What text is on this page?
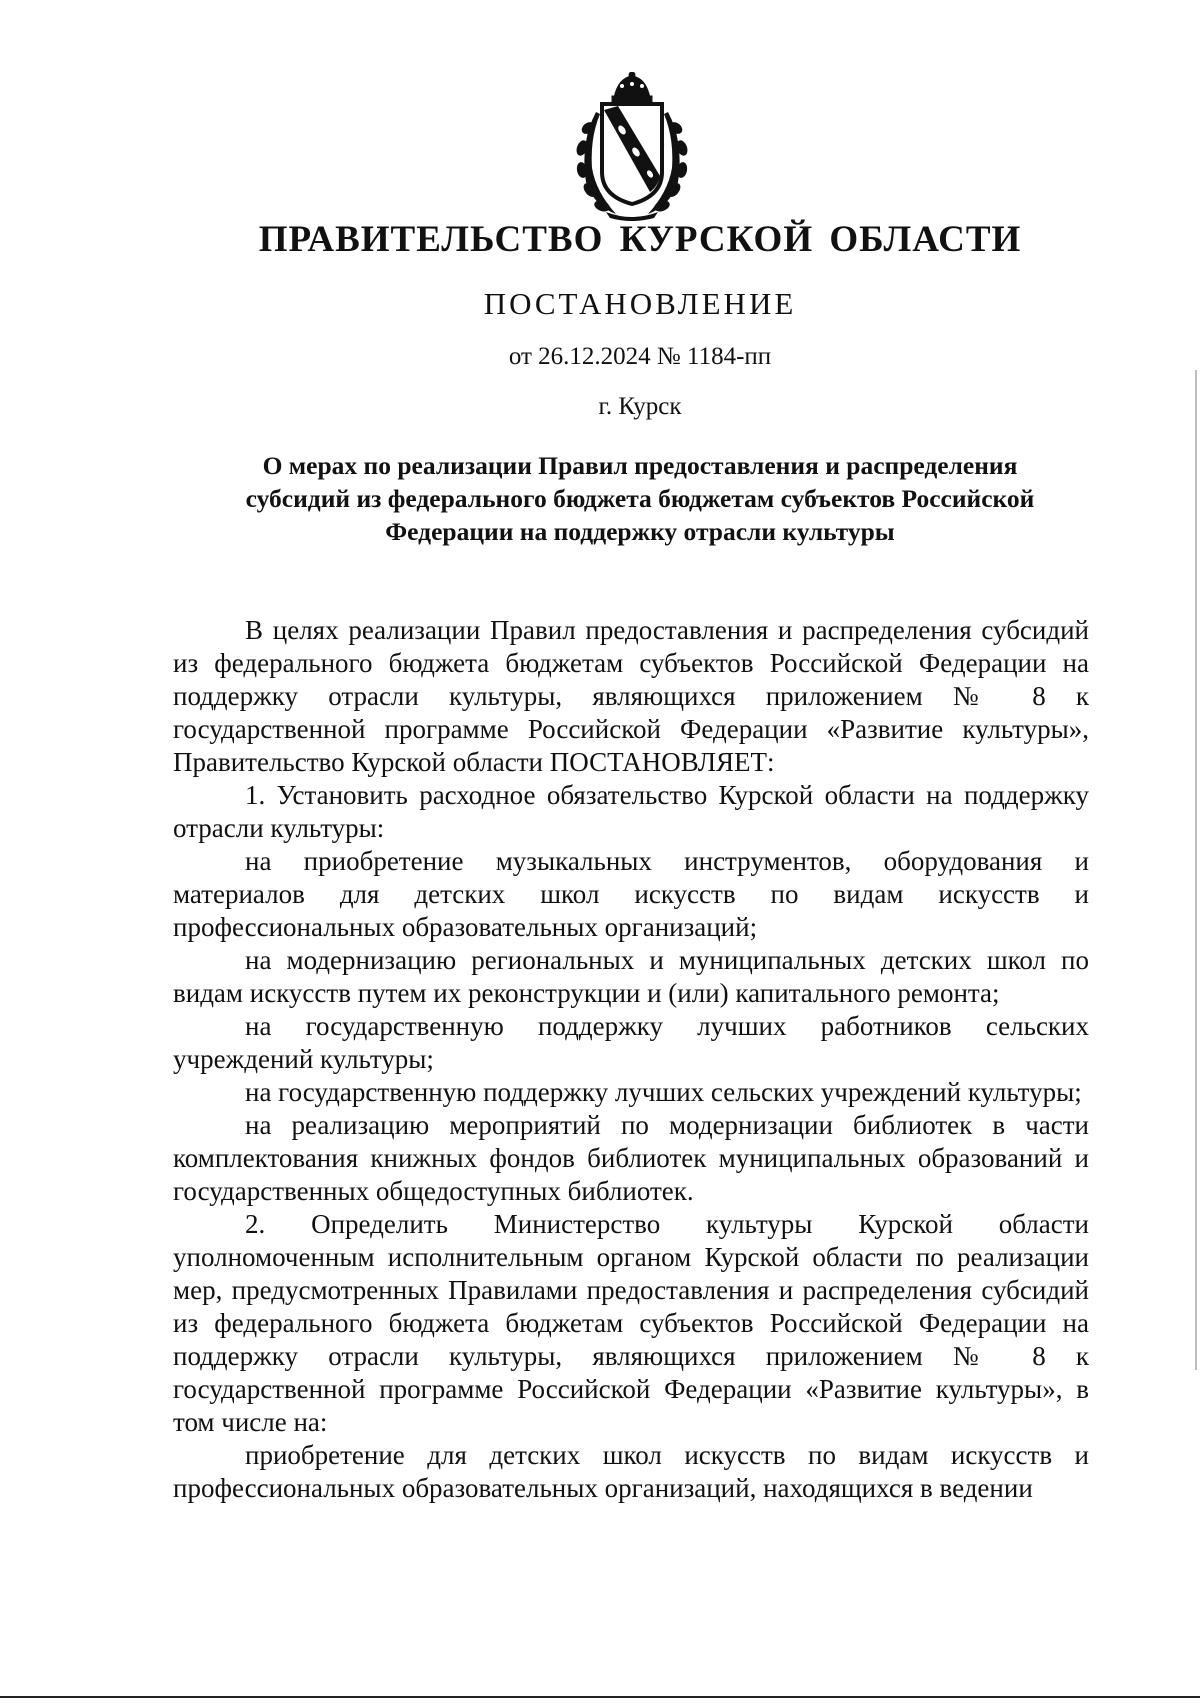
ПРАВИТЕЛЬСТВО КУРСКОЙ ОБЛАСТИ
ПОСТАНОВЛЕНИЕ
от 26.12.2024 № 1184-пп
г. Курск
О мерах по реализации Правил предоставления и распределения
субсидий из федерального бюджета бюджетам субъектов Российской
Федерации на поддержку отрасли культуры

В целях реализации Правил предоставления и распределения субсидий из федерального бюджета бюджетам субъектов Российской Федерации на поддержку отрасли культуры, являющихся приложением № 8 к государственной программе Российской Федерации «Развитие культуры», Правительство Курской области ПОСТАНОВЛЯЕТ:

1. Установить расходное обязательство Курской области на поддержку отрасли культуры:

на приобретение музыкальных инструментов, оборудования и материалов для детских школ искусств по видам искусств и профессиональных образовательных организаций;

на модернизацию региональных и муниципальных детских школ по видам искусств путем их реконструкции и (или) капитального ремонта;

на государственную поддержку лучших работников сельских учреждений культуры;

на государственную поддержку лучших сельских учреждений культуры;

на реализацию мероприятий по модернизации библиотек в части комплектования книжных фондов библиотек муниципальных образований и государственных общедоступных библиотек.

2. Определить Министерство культуры Курской области уполномоченным исполнительным органом Курской области по реализации мер, предусмотренных Правилами предоставления и распределения субсидий из федерального бюджета бюджетам субъектов Российской Федерации на поддержку отрасли культуры, являющихся приложением № 8 к государственной программе Российской Федерации «Развитие культуры», в том числе на:

приобретение для детских школ искусств по видам искусств и профессиональных образовательных организаций, находящихся в ведении
